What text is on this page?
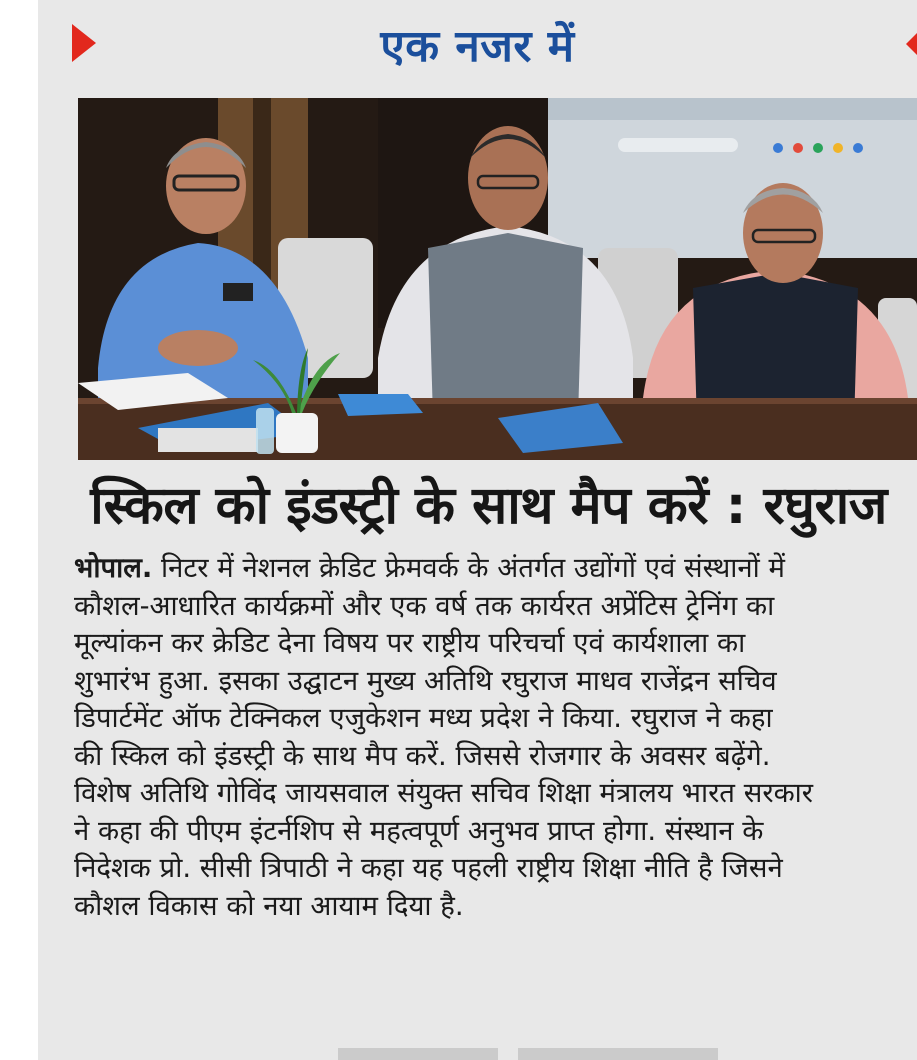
एक नजर में
स्किल को इंडस्ट्री के साथ मैप करें : रघुराज
भोपाल. निटर में नेशनल क्रेडिट फ्रेमवर्क के अंतर्गत उद्योंगों एवं संस्थानों में
कौशल-आधारित कार्यक्रमों और एक वर्ष तक कार्यरत अप्रेंटिस ट्रेनिंग का
मूल्यांकन कर क्रेडिट देना विषय पर राष्ट्रीय परिचर्चा एवं कार्यशाला का
शुभारंभ हुआ. इसका उद्घाटन मुख्य अतिथि रघुराज माधव राजेंद्रन सचिव
डिपार्टमेंट ऑफ टेक्निकल एजुकेशन मध्य प्रदेश ने किया. रघुराज ने कहा
की स्किल को इंडस्ट्री के साथ मैप करें. जिससे रोजगार के अवसर बढ़ेंगे.
विशेष अतिथि गोविंद जायसवाल संयुक्त सचिव शिक्षा मंत्रालय भारत सरकार
ने कहा की पीएम इंटर्नशिप से महत्वपूर्ण अनुभव प्राप्त होगा. संस्थान के
निदेशक प्रो. सीसी त्रिपाठी ने कहा यह पहली राष्ट्रीय शिक्षा नीति है जिसने
कौशल विकास को नया आयाम दिया है.
